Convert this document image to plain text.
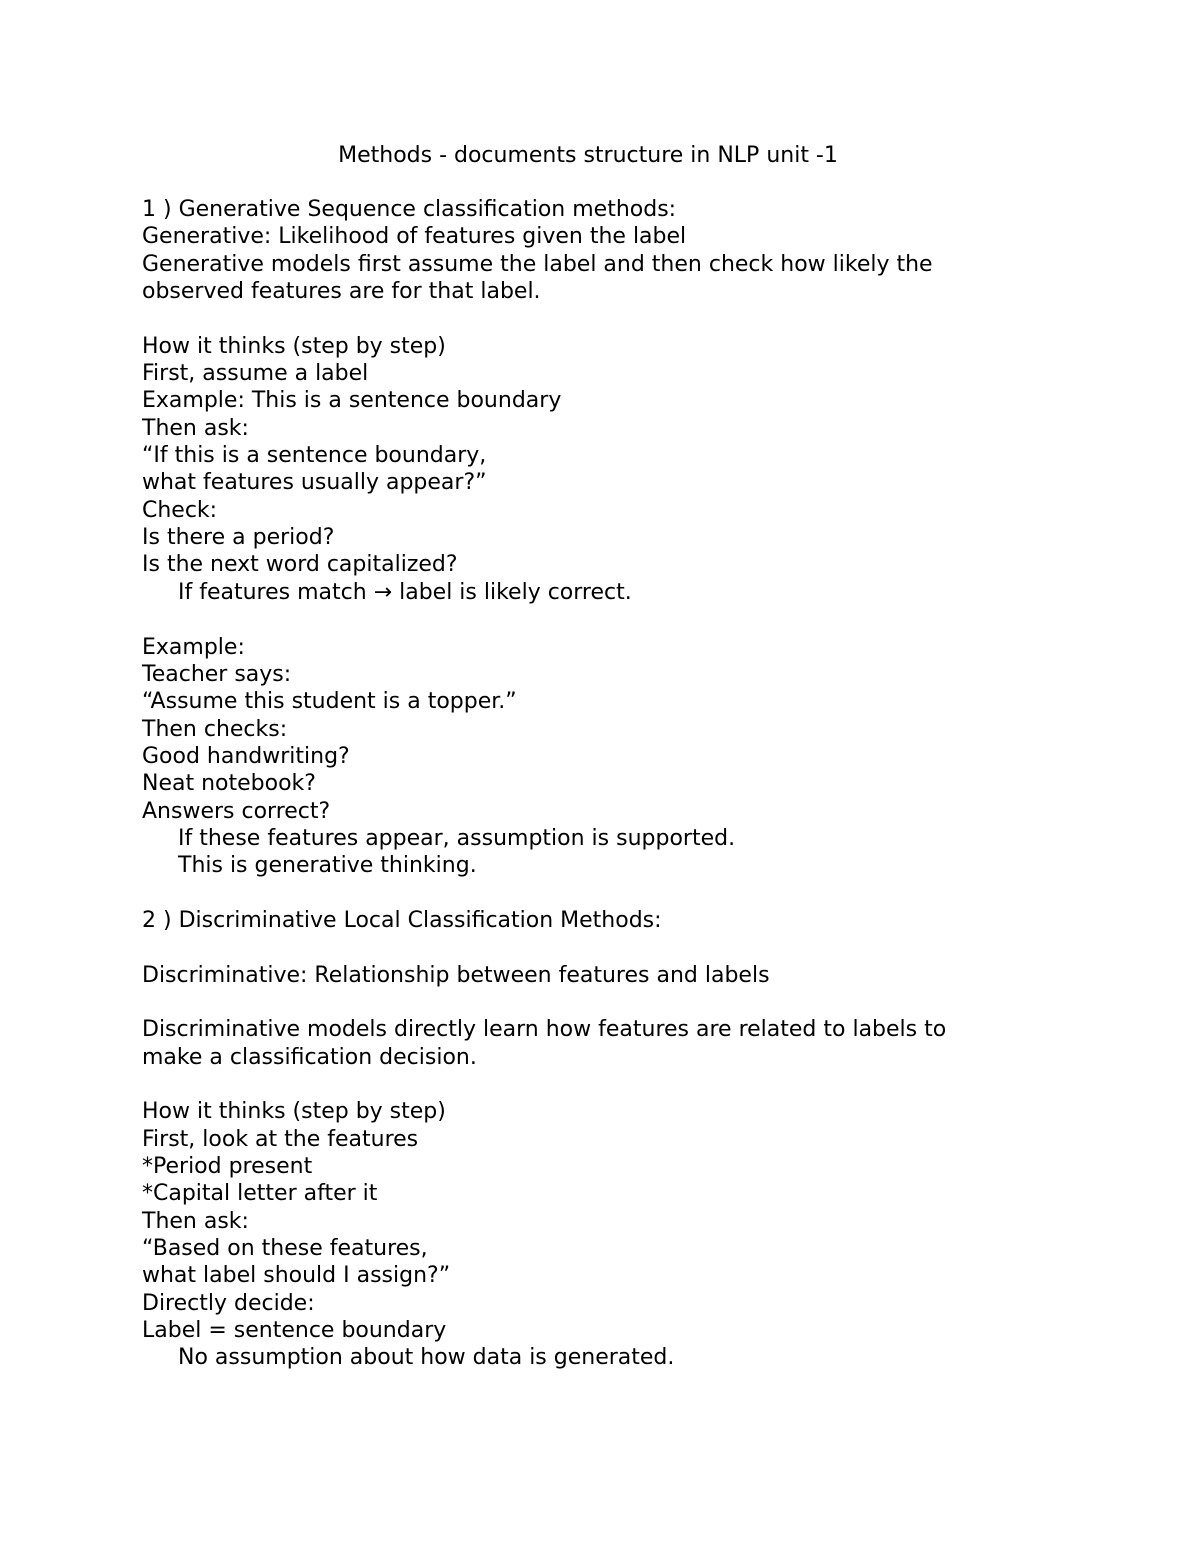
Methods - documents structure in NLP unit -1
1 ) Generative Sequence classification methods:
Generative: Likelihood of features given the label
Generative models first assume the label and then check how likely the
observed features are for that label.
How it thinks (step by step)
First, assume a label
Example: This is a sentence boundary
Then ask:
“If this is a sentence boundary,
what features usually appear?”
Check:
Is there a period?
Is the next word capitalized?
If features match → label is likely correct.
Example:
Teacher says:
“Assume this student is a topper.”
Then checks:
Good handwriting?
Neat notebook?
Answers correct?
If these features appear, assumption is supported.
This is generative thinking.
2 ) Discriminative Local Classification Methods:
Discriminative: Relationship between features and labels
Discriminative models directly learn how features are related to labels to
make a classification decision.
How it thinks (step by step)
First, look at the features
*Period present
*Capital letter after it
Then ask:
“Based on these features,
what label should I assign?”
Directly decide:
Label = sentence boundary
No assumption about how data is generated.
